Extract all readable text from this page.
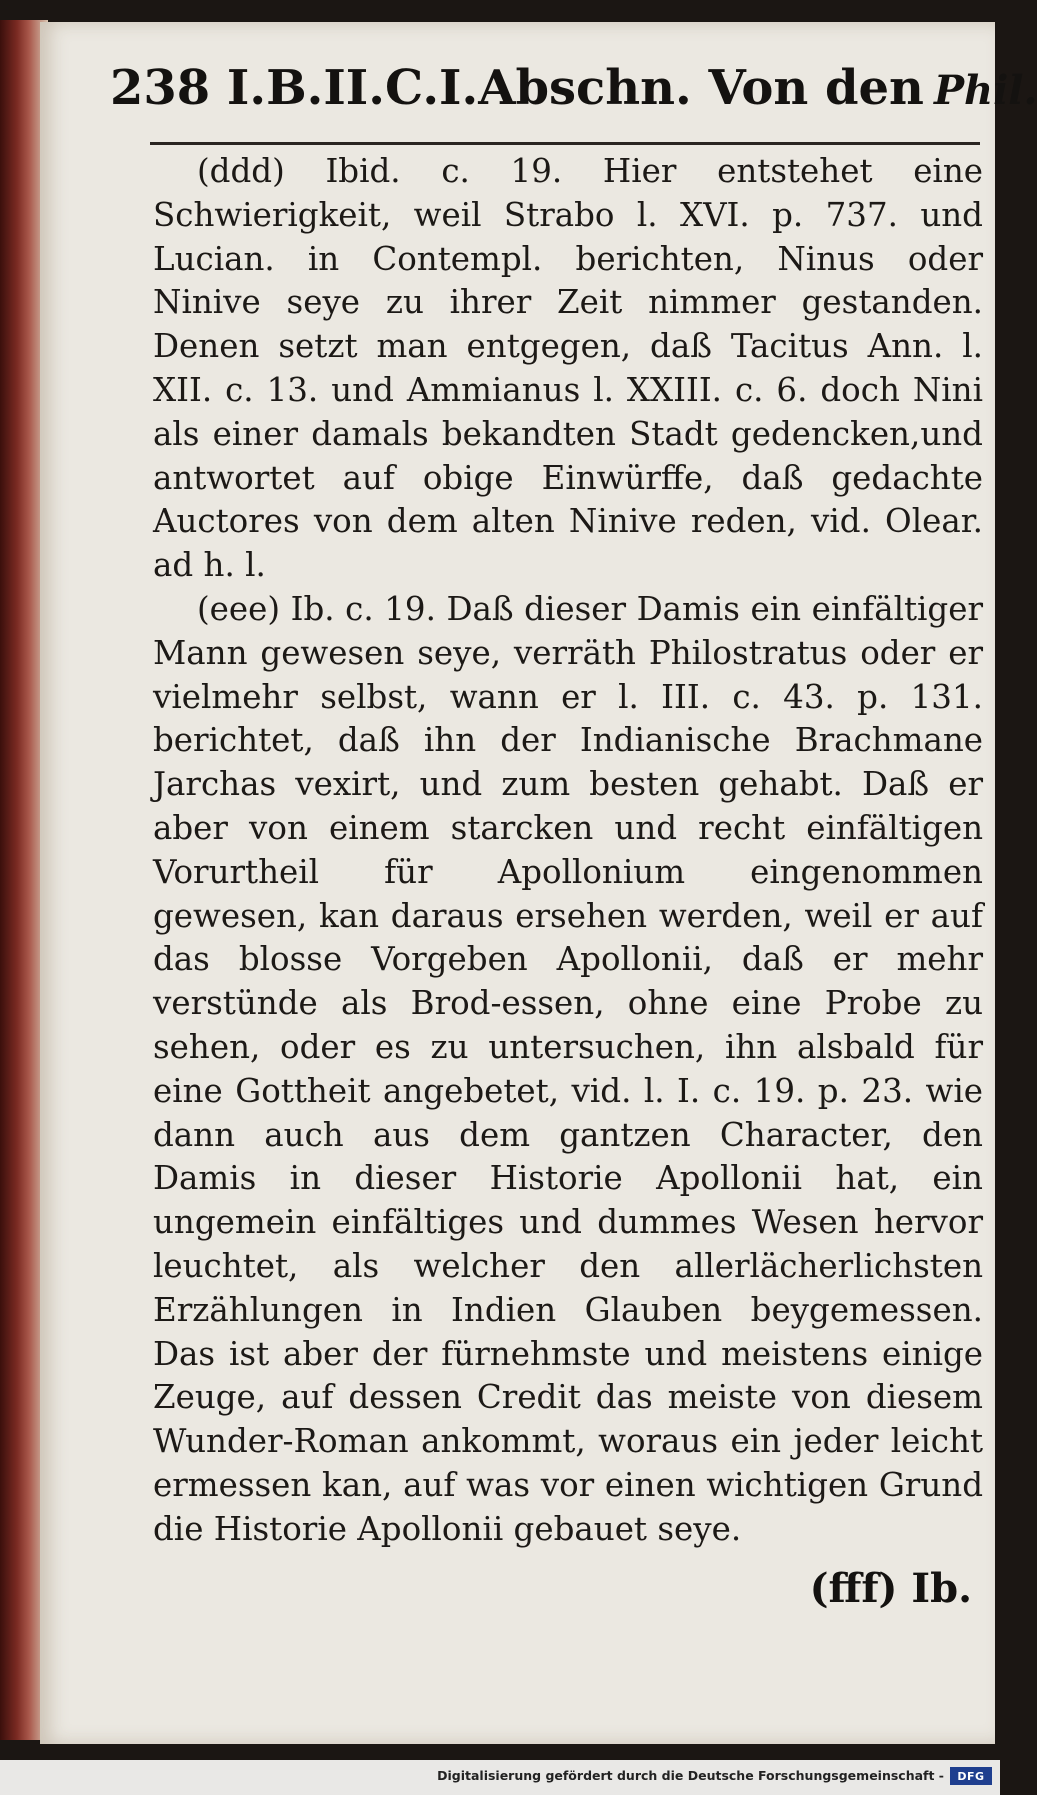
238 I.B.II.C.I.Abschn. Von den Phil.

(ddd) Ibid. c. 19. Hier entstehet eine Schwierigkeit, weil Strabo l. XVI. p. 737. und Lucian. in Contempl. berichten, Ninus oder Ninive seye zu ihrer Zeit nimmer gestanden. Denen setzt man entgegen, daß Tacitus Ann. l. XII. c. 13. und Ammianus l. XXIII. c. 6. doch Nini als einer damals bekandten Stadt gedencken,und antwortet auf obige Einwürffe, daß gedachte Auctores von dem alten Ninive reden, vid. Olear. ad h. l.

(eee) Ib. c. 19. Daß dieser Damis ein einfältiger Mann gewesen seye, verräth Philostratus oder er vielmehr selbst, wann er l. III. c. 43. p. 131. berichtet, daß ihn der Indianische Brachmane Jarchas vexirt, und zum besten gehabt. Daß er aber von einem starcken und recht einfältigen Vorurtheil für Apollonium eingenommen gewesen, kan daraus ersehen werden, weil er auf das blosse Vorgeben Apollonii, daß er mehr verstünde als Brod-essen, ohne eine Probe zu sehen, oder es zu untersuchen, ihn alsbald für eine Gottheit angebetet, vid. l. I. c. 19. p. 23. wie dann auch aus dem gantzen Character, den Damis in dieser Historie Apollonii hat, ein ungemein einfältiges und dummes Wesen hervor leuchtet, als welcher den allerlächerlichsten Erzählungen in Indien Glauben beygemessen. Das ist aber der fürnehmste und meistens einige Zeuge, auf dessen Credit das meiste von diesem Wunder-Roman ankommt, woraus ein jeder leicht ermessen kan, auf was vor einen wichtigen Grund die Historie Apollonii gebauet seye.

(fff) Ib.
Digitalisierung gefördert durch die Deutsche Forschungsgemeinschaft -	DFG
